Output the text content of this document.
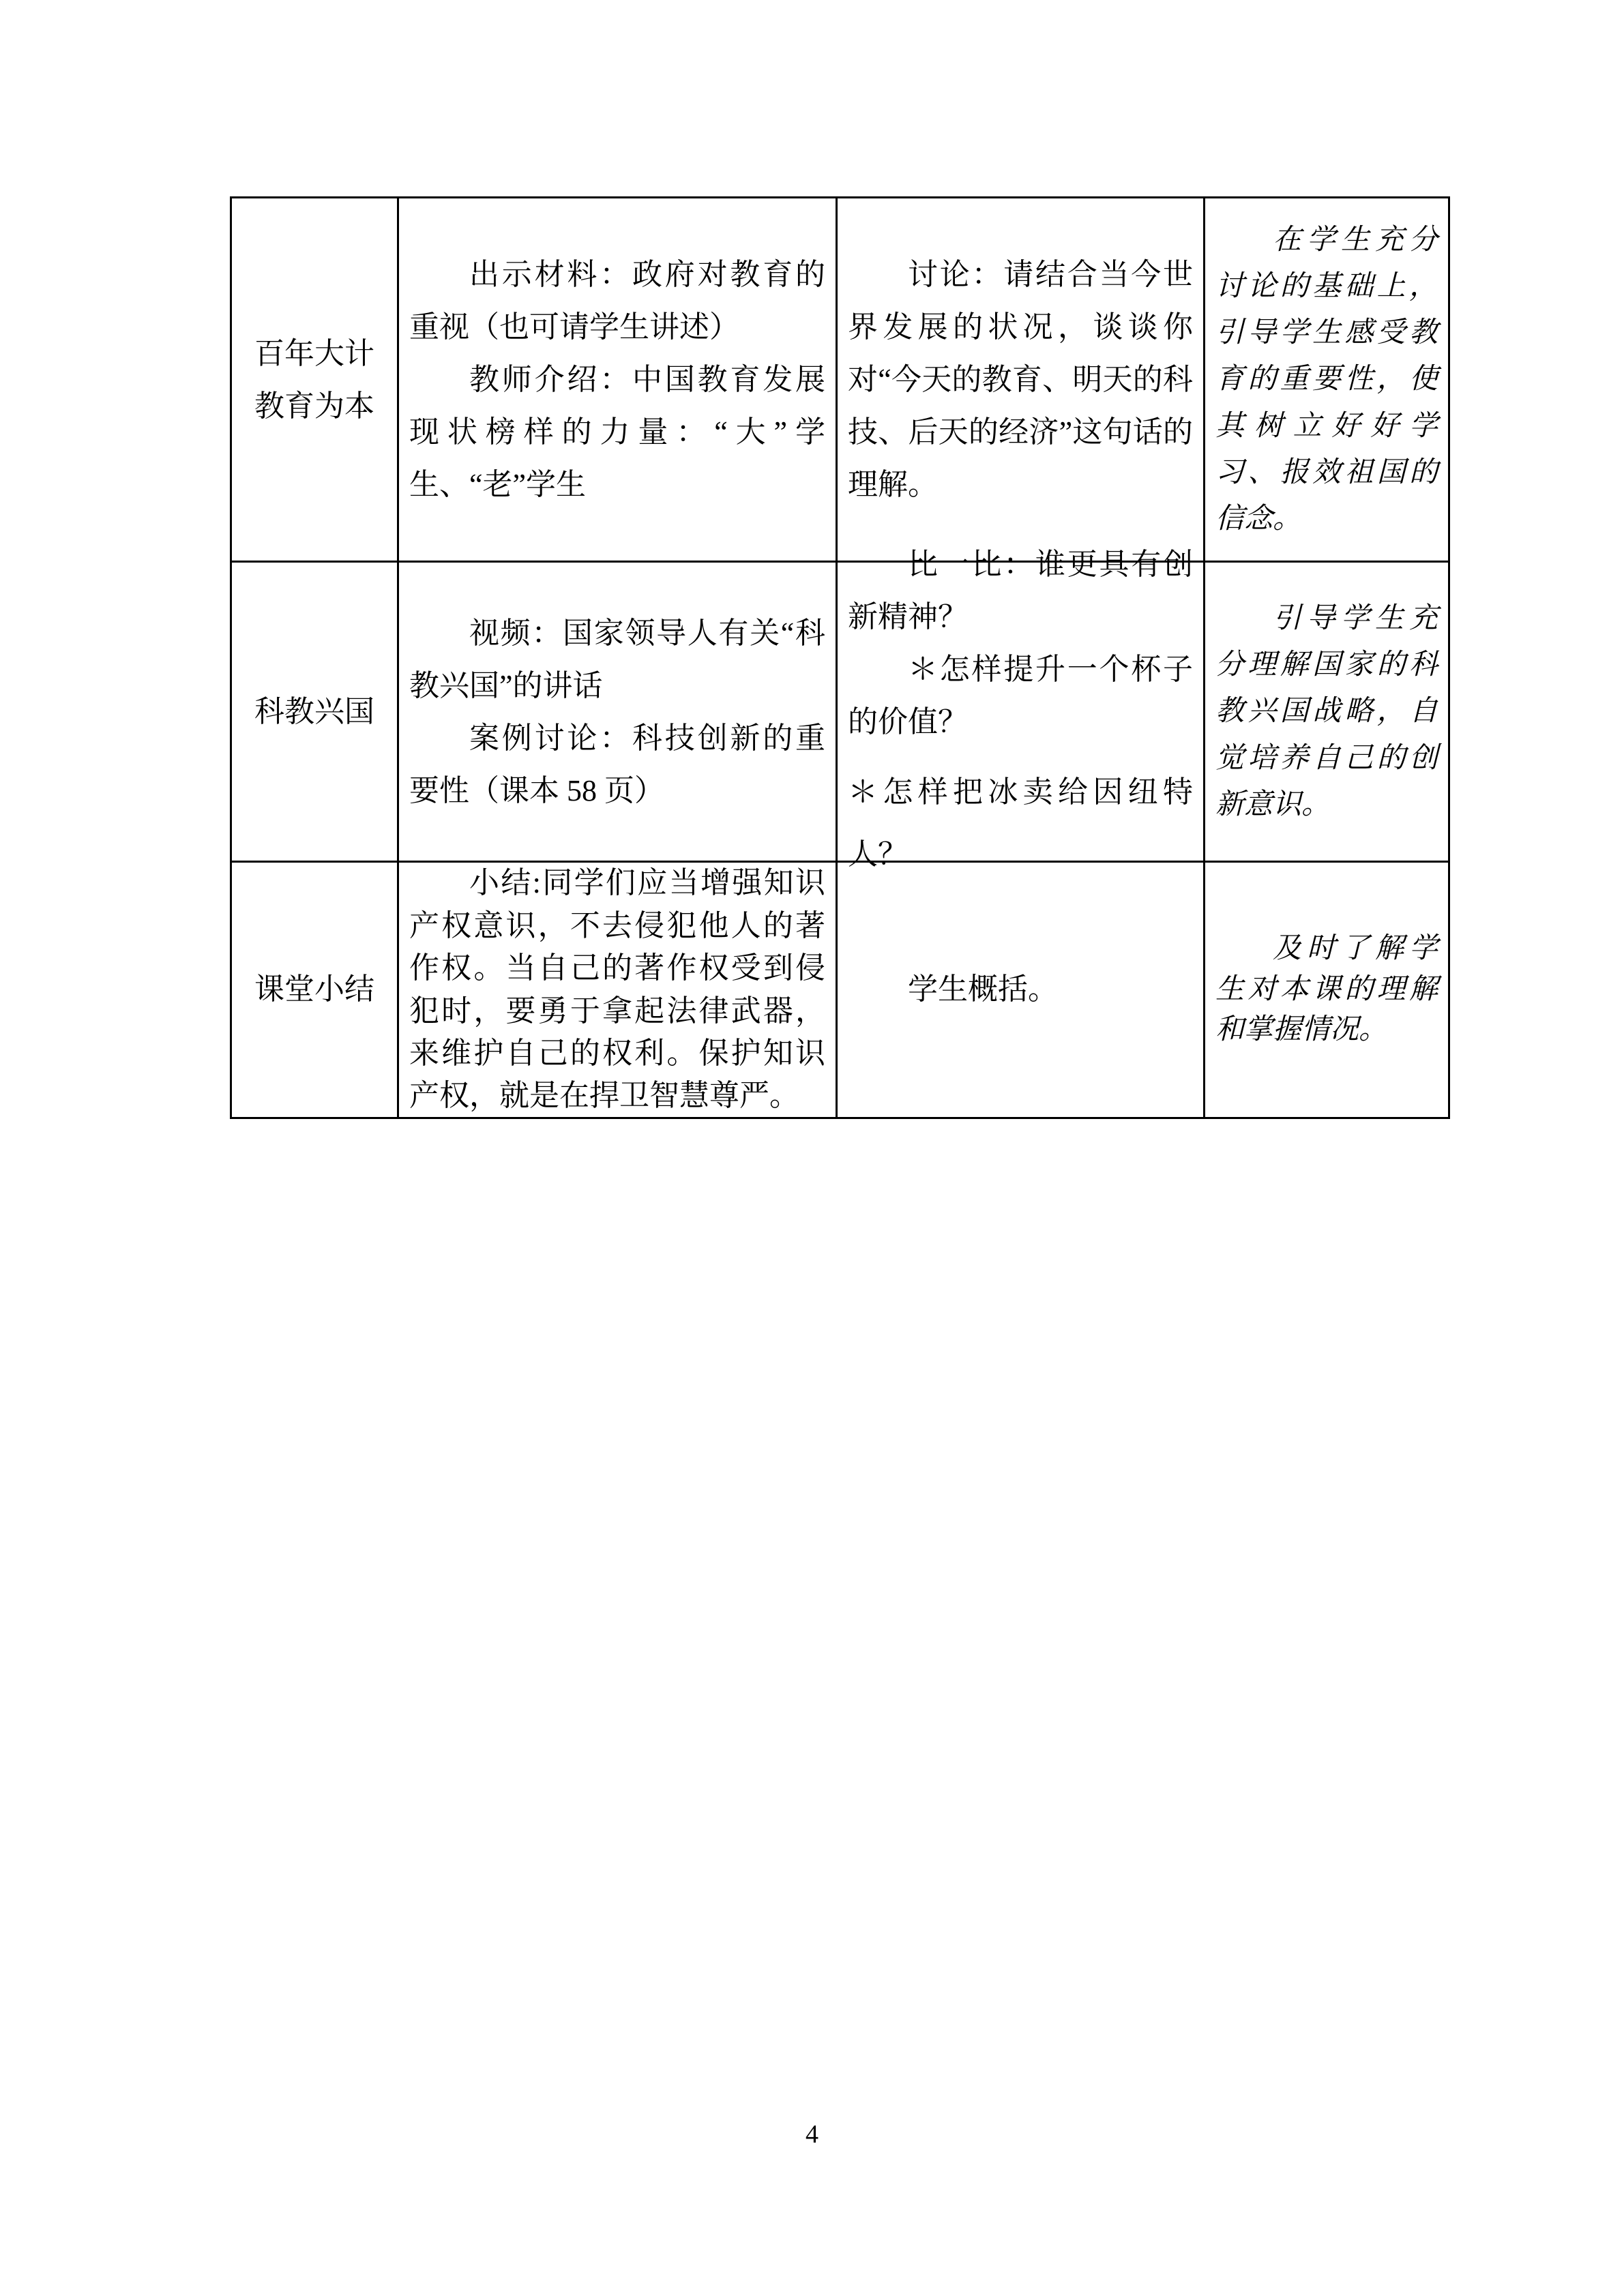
百年大计

教育为本

出示材料：政府对教育的重视（也可请学生讲述）

教师介绍：中国教育发展现状榜样的力量：“大”学生、“老”学生

讨论：请结合当今世界发展的状况，谈谈你对“今天的教育、明天的科技、后天的经济”这句话的理解。

在学生充分讨论的基础上，引导学生感受教育的重要性，使其树立好好学习、报效祖国的信念。

科教兴国

视频：国家领导人有关“科教兴国”的讲话

案例讨论：科技创新的重要性（课本 58 页）

比一比：谁更具有创新精神？

＊怎样提升一个杯子的价值？

＊怎样把冰卖给因纽特人？

引导学生充分理解国家的科教兴国战略，自觉培养自己的创新意识。

课堂小结

小结:同学们应当增强知识产权意识，不去侵犯他人的著作权。当自己的著作权受到侵犯时，要勇于拿起法律武器，来维护自己的权利。保护知识产权，就是在捍卫智慧尊严。

学生概括。

及时了解学生对本课的理解和掌握情况。

4
